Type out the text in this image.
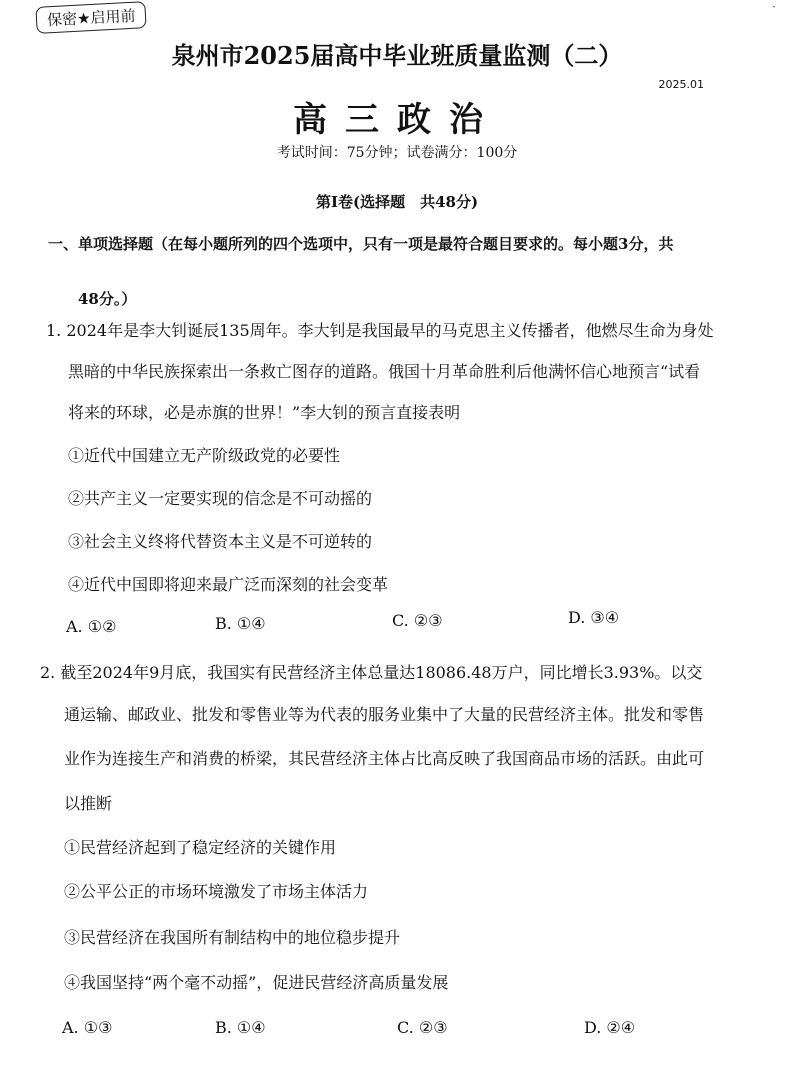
保密★启用前	·
泉州市2025届高中毕业班质量监测（二）
2025.01
高三政治
考试时间：75分钟；试卷满分：100分
第Ⅰ卷(选择题　共48分)
一、单项选择题（在每小题所列的四个选项中，只有一项是最符合题目要求的。每小题3分，共
48分。）
1. 2024年是李大钊诞辰135周年。李大钊是我国最早的马克思主义传播者，他燃尽生命为身处
黑暗的中华民族探索出一条救亡图存的道路。俄国十月革命胜利后他满怀信心地预言“试看
将来的环球，必是赤旗的世界！”李大钊的预言直接表明
①近代中国建立无产阶级政党的必要性
②共产主义一定要实现的信念是不可动摇的
③社会主义终将代替资本主义是不可逆转的
④近代中国即将迎来最广泛而深刻的社会变革
A. ①②	B. ①④	C. ②③	D. ③④
2. 截至2024年9月底，我国实有民营经济主体总量达18086.48万户，同比增长3.93%。以交
通运输、邮政业、批发和零售业等为代表的服务业集中了大量的民营经济主体。批发和零售
业作为连接生产和消费的桥梁，其民营经济主体占比高反映了我国商品市场的活跃。由此可
以推断
①民营经济起到了稳定经济的关键作用
②公平公正的市场环境激发了市场主体活力
③民营经济在我国所有制结构中的地位稳步提升
④我国坚持“两个毫不动摇”，促进民营经济高质量发展
A. ①③	B. ①④	C. ②③	D. ②④
